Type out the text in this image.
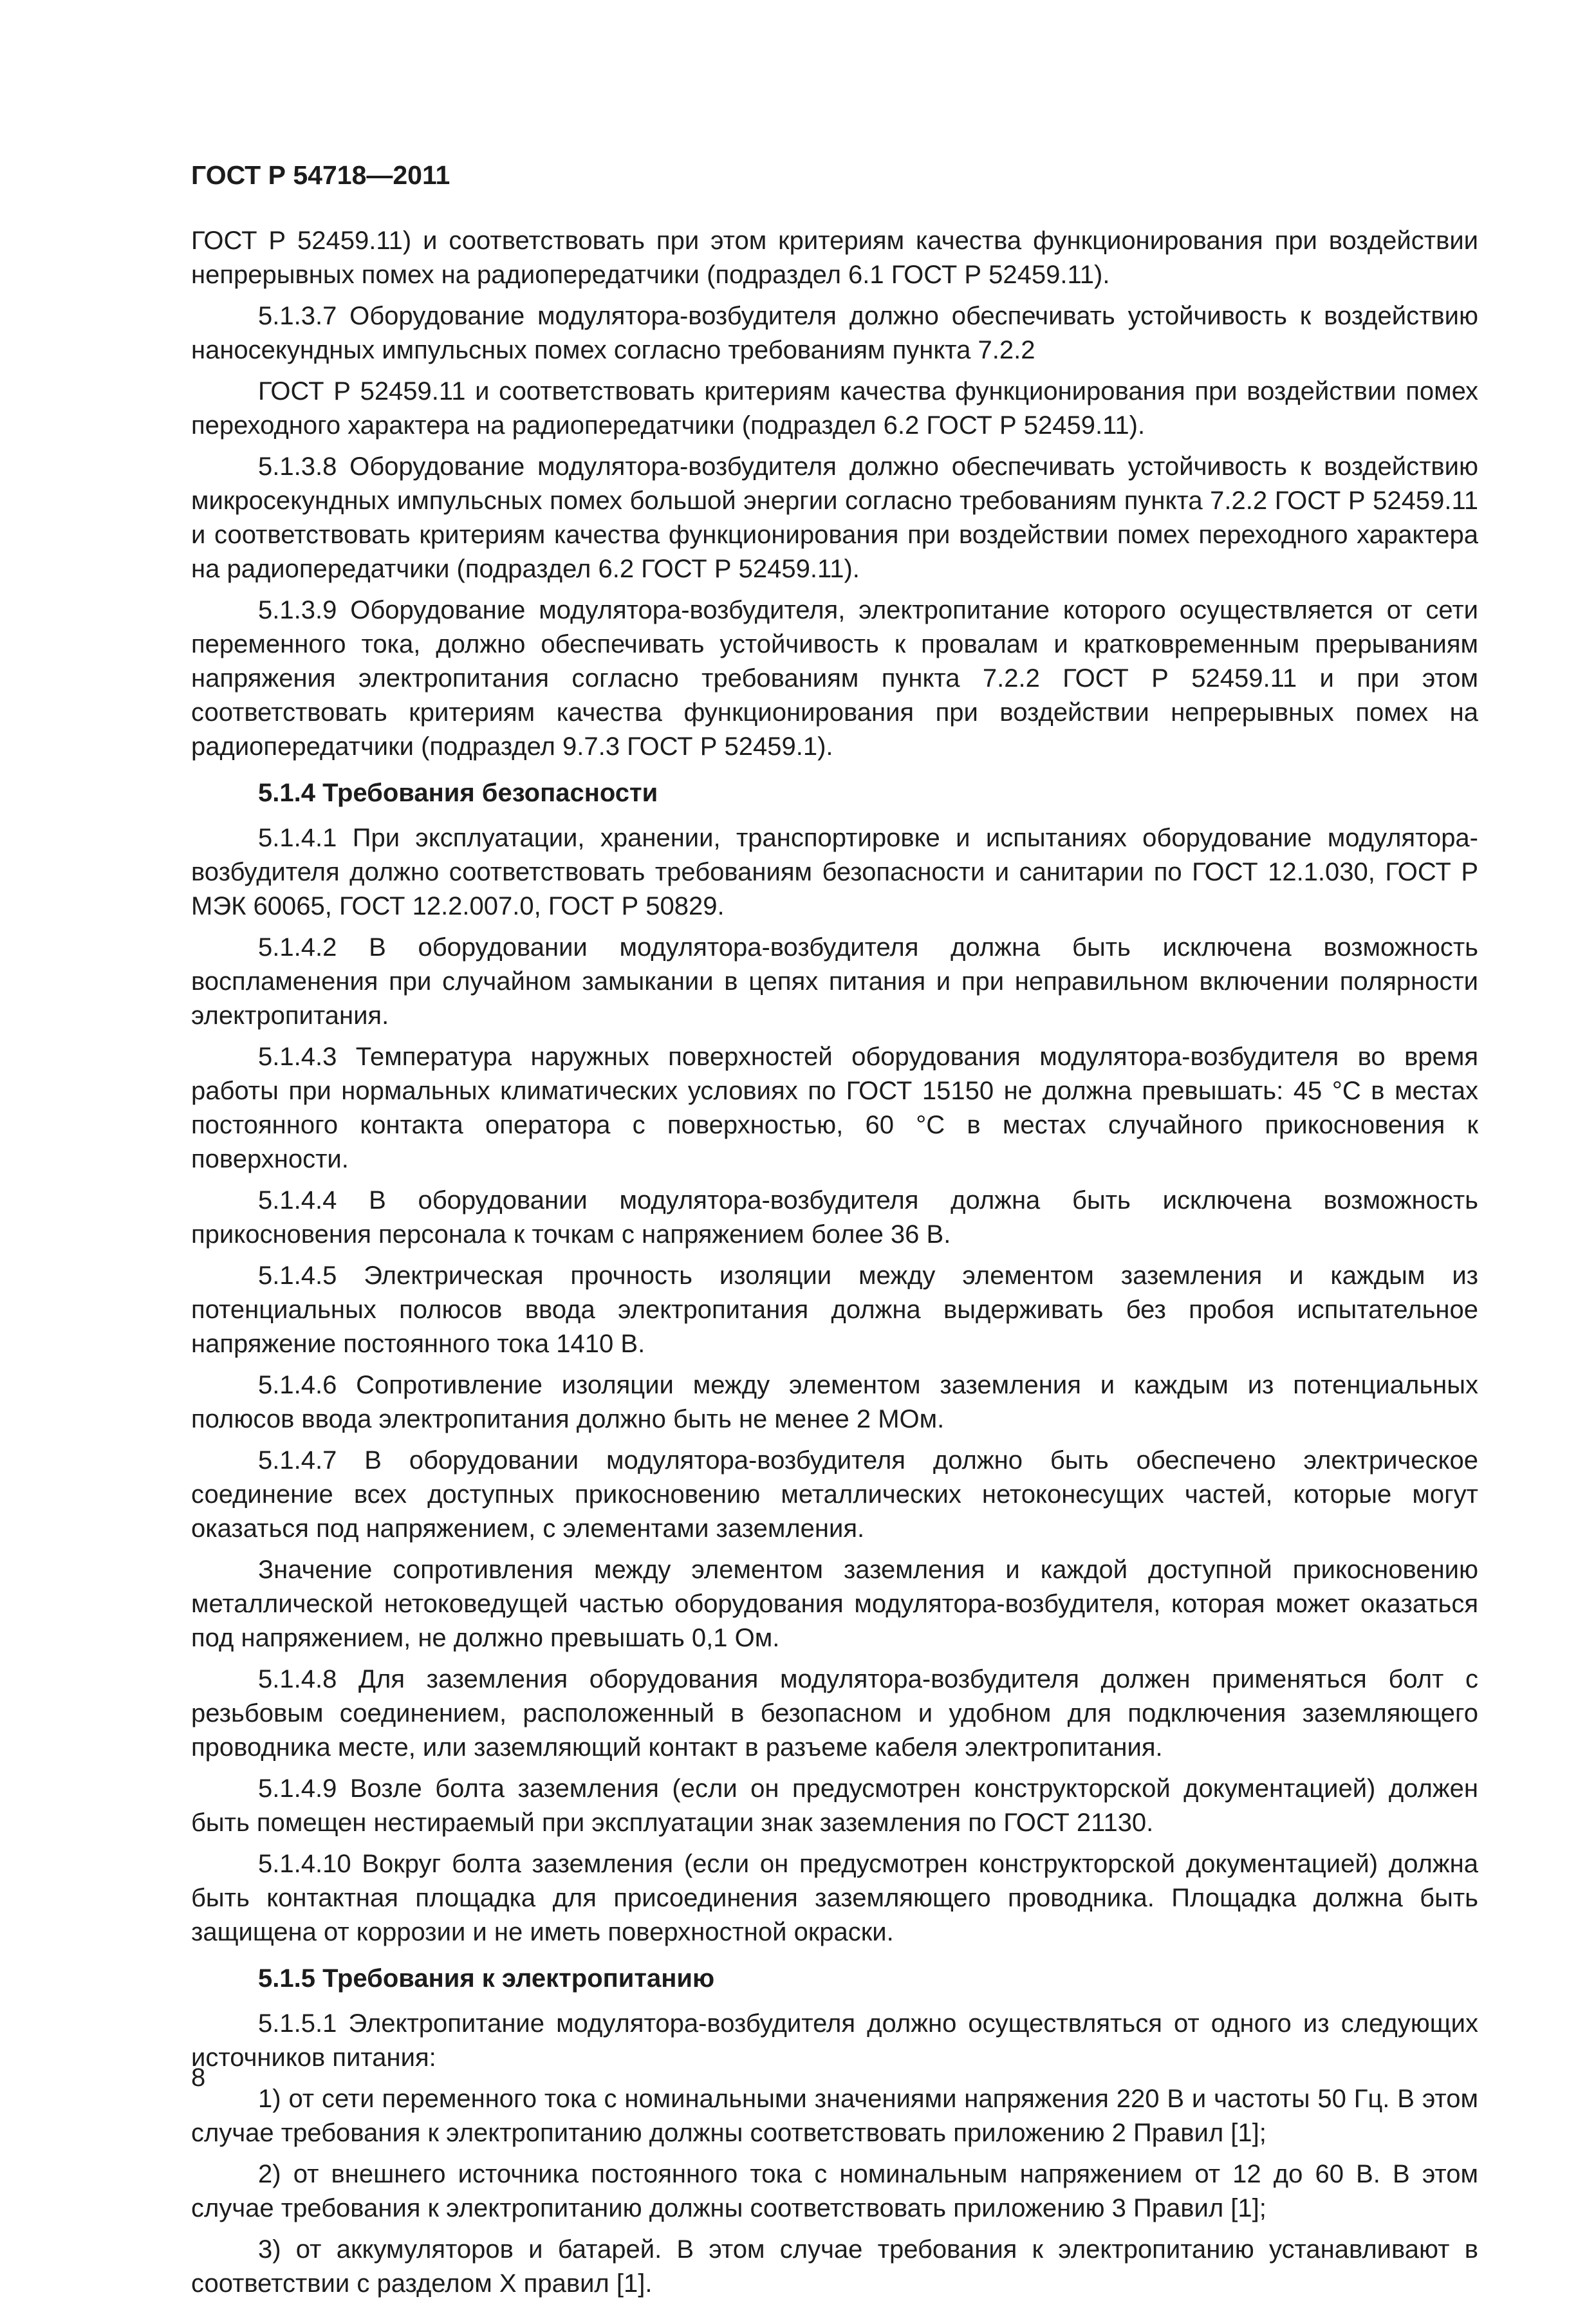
ГОСТ Р 54718—2011

ГОСТ Р 52459.11) и соответствовать при этом критериям качества функционирования при воздействии непрерывных помех на радиопередатчики (подраздел 6.1 ГОСТ Р 52459.11).

5.1.3.7 Оборудование модулятора-возбудителя должно обеспечивать устойчивость к воздействию наносекундных импульсных помех согласно требованиям пункта 7.2.2

ГОСТ Р 52459.11 и соответствовать критериям качества функционирования при воздействии помех переходного характера на радиопередатчики (подраздел 6.2 ГОСТ Р 52459.11).

5.1.3.8 Оборудование модулятора-возбудителя должно обеспечивать устойчивость к воздействию микросекундных импульсных помех большой энергии согласно требованиям пункта 7.2.2 ГОСТ Р 52459.11 и соответствовать критериям качества функционирования при воздействии помех переходного характера на радиопередатчики (подраздел 6.2 ГОСТ Р 52459.11).

5.1.3.9 Оборудование модулятора-возбудителя, электропитание которого осуществляется от сети переменного тока, должно обеспечивать устойчивость к провалам и кратковременным прерываниям напряжения электропитания согласно требованиям пункта 7.2.2 ГОСТ Р 52459.11 и при этом соответствовать критериям качества функционирования при воздействии непрерывных помех на радиопередатчики (подраздел 9.7.3 ГОСТ Р 52459.1).

5.1.4 Требования безопасности

5.1.4.1 При эксплуатации, хранении, транспортировке и испытаниях оборудование модулятора-возбудителя должно соответствовать требованиям безопасности и санитарии по ГОСТ 12.1.030, ГОСТ Р МЭК 60065, ГОСТ 12.2.007.0, ГОСТ Р 50829.

5.1.4.2 В оборудовании модулятора-возбудителя должна быть исключена возможность воспламенения при случайном замыкании в цепях питания и при неправильном включении полярности электропитания.

5.1.4.3 Температура наружных поверхностей оборудования модулятора-возбудителя во время работы при нормальных климатических условиях по ГОСТ 15150 не должна превышать: 45 °С в местах постоянного контакта оператора с поверхностью, 60 °С в местах случайного прикосновения к поверхности.

5.1.4.4 В оборудовании модулятора-возбудителя должна быть исключена возможность прикосновения персонала к точкам с напряжением более 36 В.

5.1.4.5 Электрическая прочность изоляции между элементом заземления и каждым из потенциальных полюсов ввода электропитания должна выдерживать без пробоя испытательное напряжение постоянного тока 1410 В.

5.1.4.6 Сопротивление изоляции между элементом заземления и каждым из потенциальных полюсов ввода электропитания должно быть не менее 2 МОм.

5.1.4.7 В оборудовании модулятора-возбудителя должно быть обеспечено электрическое соединение всех доступных прикосновению металлических нетоконесущих частей, которые могут оказаться под напряжением, с элементами заземления.

Значение сопротивления между элементом заземления и каждой доступной прикосновению металлической нетоковедущей частью оборудования модулятора-возбудителя, которая может оказаться под напряжением, не должно превышать 0,1 Ом.

5.1.4.8 Для заземления оборудования модулятора-возбудителя должен применяться болт с резьбовым соединением, расположенный в безопасном и удобном для подключения заземляющего проводника месте, или заземляющий контакт в разъеме кабеля электропитания.

5.1.4.9 Возле болта заземления (если он предусмотрен конструкторской документацией) должен быть помещен нестираемый при эксплуатации знак заземления по ГОСТ 21130.

5.1.4.10 Вокруг болта заземления (если он предусмотрен конструкторской документацией) должна быть контактная площадка для присоединения заземляющего проводника. Площадка должна быть защищена от коррозии и не иметь поверхностной окраски.

5.1.5 Требования к электропитанию

5.1.5.1 Электропитание модулятора-возбудителя должно осуществляться от одного из следующих источников питания:

1) от сети переменного тока с номинальными значениями напряжения 220 В и частоты 50 Гц. В этом случае требования к электропитанию должны соответствовать приложению 2 Правил [1];

2) от внешнего источника постоянного тока с номинальным напряжением от 12 до 60 В. В этом случае требования к электропитанию должны соответствовать приложению 3 Правил [1];

3) от аккумуляторов и батарей. В этом случае требования к электропитанию устанавливают в соответствии с разделом X правил [1].

8
